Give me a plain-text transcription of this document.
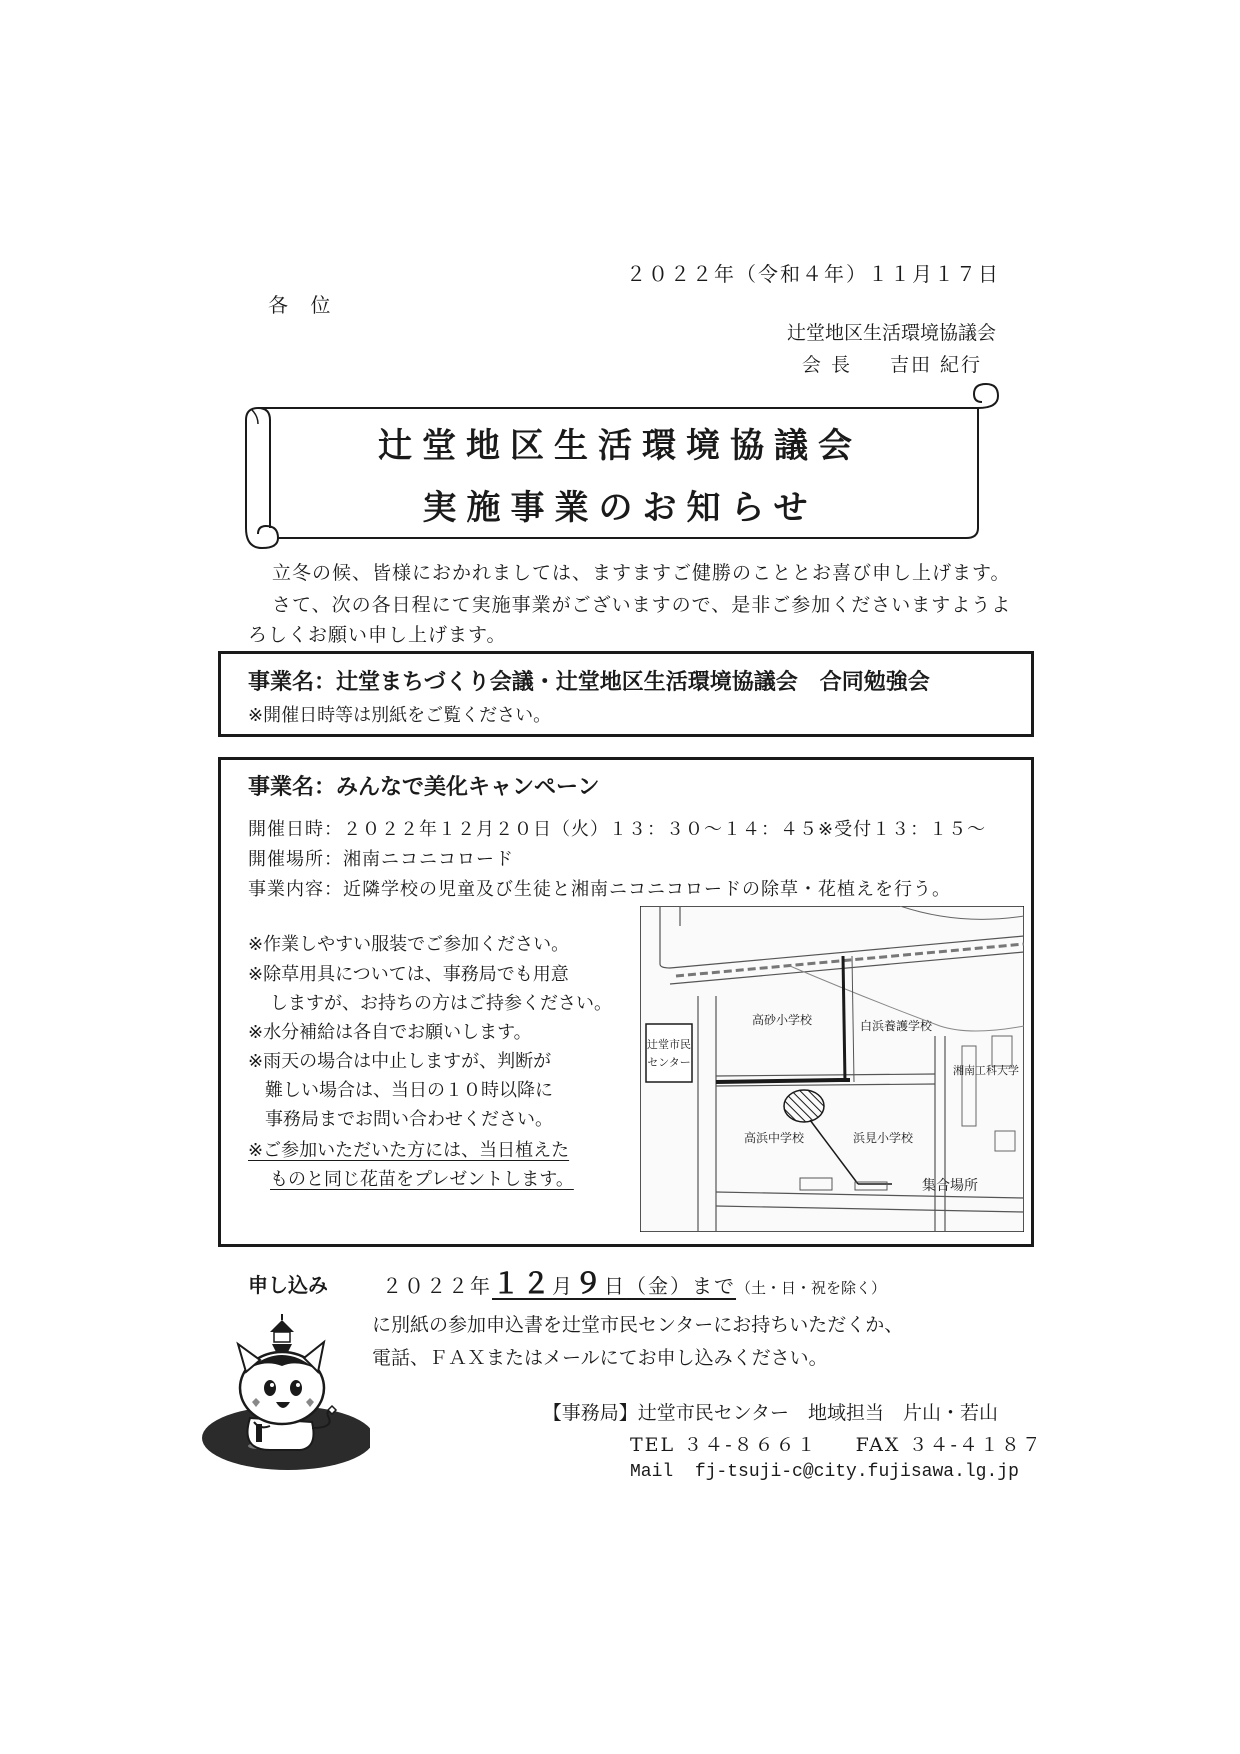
２０２２年（令和４年）１１月１７日
各 位
辻堂地区生活環境協議会
会 長 吉田 紀行
辻堂地区生活環境協議会
実施事業のお知らせ
立冬の候、皆様におかれましては、ますますご健勝のこととお喜び申し上げます。
さて、次の各日程にて実施事業がございますので、是非ご参加くださいますようよ
ろしくお願い申し上げます。
事業名：辻堂まちづくり会議・辻堂地区生活環境協議会　合同勉強会
※開催日時等は別紙をご覧ください。
事業名：みんなで美化キャンペーン
開催日時：２０２２年１２月２０日（火）１３：３０～１４：４５※受付１３：１５～
開催場所：湘南ニコニコロード
事業内容：近隣学校の児童及び生徒と湘南ニコニコロードの除草・花植えを行う。
※作業しやすい服装でご参加ください。
※除草用具については、事務局でも用意
しますが、お持ちの方はご持参ください。
※水分補給は各自でお願いします。
※雨天の場合は中止しますが、判断が
難しい場合は、当日の１０時以降に
事務局までお問い合わせください。
※ご参加いただいた方には、当日植えた
ものと同じ花苗をプレゼントします。
辻堂市民
センター
高砂小学校	白浜養護学校
湘南工科大学
高浜中学校	浜見小学校
集合場所
申し込み	２０２２年１２月９日（金）まで（土・日・祝を除く）
に別紙の参加申込書を辻堂市民センターにお持ちいただくか、
電話、ＦＡＸまたはメールにてお申し込みください。
【事務局】辻堂市民センター　地域担当　片山・若山
TEL ３４-８６６１ FAX ３４-４１８７
Mail fj-tsuji-c@city.fujisawa.lg.jp
